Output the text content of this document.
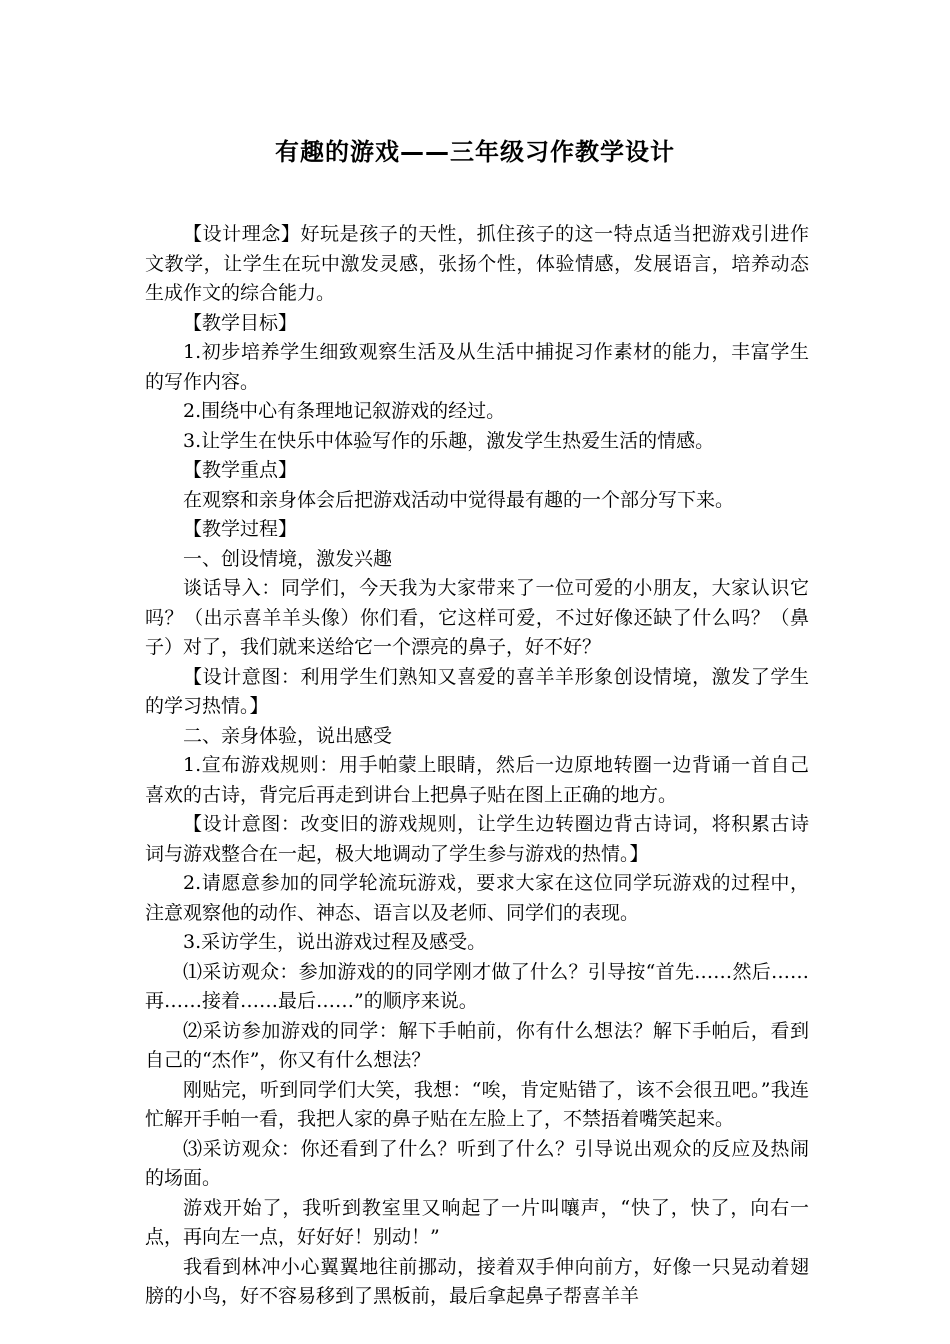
有趣的游戏——三年级习作教学设计

【设计理念】好玩是孩子的天性，抓住孩子的这一特点适当把游戏引进作文教学，让学生在玩中激发灵感，张扬个性，体验情感，发展语言，培养动态生成作文的综合能力。

【教学目标】

1.初步培养学生细致观察生活及从生活中捕捉习作素材的能力，丰富学生的写作内容。

2.围绕中心有条理地记叙游戏的经过。

3.让学生在快乐中体验写作的乐趣，激发学生热爱生活的情感。

【教学重点】

在观察和亲身体会后把游戏活动中觉得最有趣的一个部分写下来。

【教学过程】

一、创设情境，激发兴趣

谈话导入：同学们，今天我为大家带来了一位可爱的小朋友，大家认识它吗？（出示喜羊羊头像）你们看，它这样可爱，不过好像还缺了什么吗？（鼻子）对了，我们就来送给它一个漂亮的鼻子，好不好？

【设计意图：利用学生们熟知又喜爱的喜羊羊形象创设情境，激发了学生的学习热情。】

二、亲身体验，说出感受

1.宣布游戏规则：用手帕蒙上眼睛，然后一边原地转圈一边背诵一首自己喜欢的古诗，背完后再走到讲台上把鼻子贴在图上正确的地方。

【设计意图：改变旧的游戏规则，让学生边转圈边背古诗词，将积累古诗词与游戏整合在一起，极大地调动了学生参与游戏的热情。】

2.请愿意参加的同学轮流玩游戏，要求大家在这位同学玩游戏的过程中，注意观察他的动作、神态、语言以及老师、同学们的表现。

3.采访学生，说出游戏过程及感受。

⑴采访观众：参加游戏的的同学刚才做了什么？引导按“首先……然后……再……接着……最后……”的顺序来说。

⑵采访参加游戏的同学：解下手帕前，你有什么想法？解下手帕后，看到自己的“杰作”，你又有什么想法？

刚贴完，听到同学们大笑，我想：“唉，肯定贴错了，该不会很丑吧。”我连忙解开手帕一看，我把人家的鼻子贴在左脸上了，不禁捂着嘴笑起来。

⑶采访观众：你还看到了什么？听到了什么？引导说出观众的反应及热闹的场面。

游戏开始了，我听到教室里又响起了一片叫嚷声，“快了，快了，向右一点，再向左一点，好好好！别动！”

我看到林冲小心翼翼地往前挪动，接着双手伸向前方，好像一只晃动着翅膀的小鸟，好不容易移到了黑板前，最后拿起鼻子帮喜羊羊
